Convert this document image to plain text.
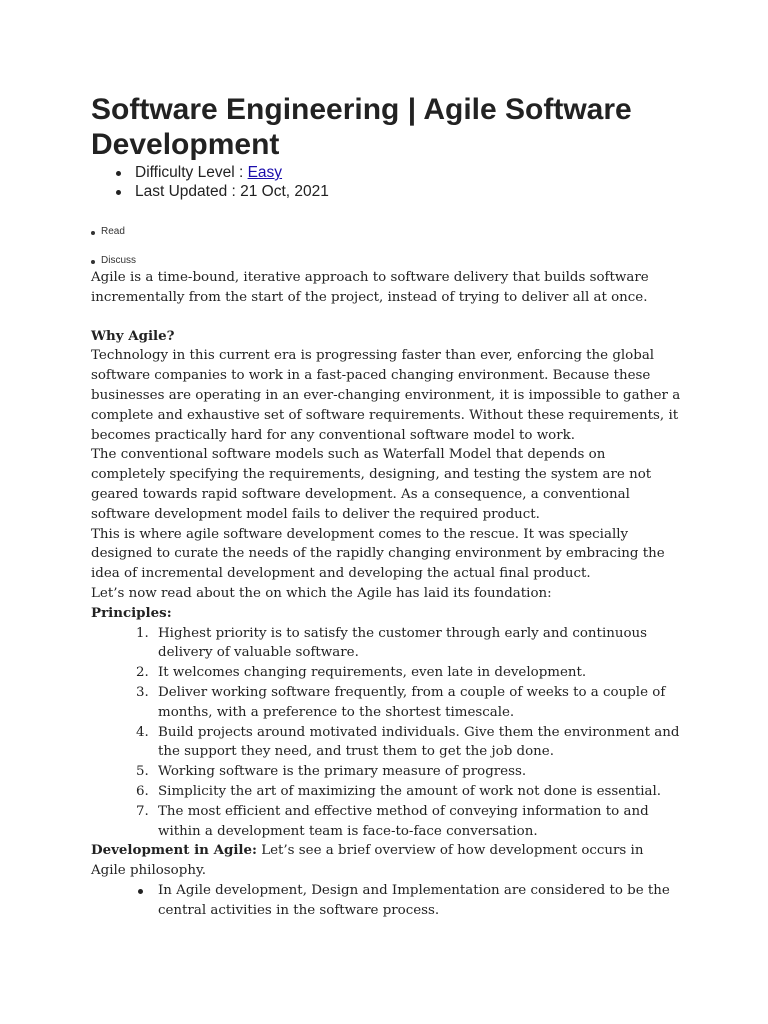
Software Engineering | Agile Software Development
Difficulty Level : Easy
Last Updated : 21 Oct, 2021
Read
Discuss

Agile is a time-bound, iterative approach to software delivery that builds software incrementally from the start of the project, instead of trying to deliver all at once.

Why Agile?

Technology in this current era is progressing faster than ever, enforcing the global software companies to work in a fast-paced changing environment. Because these businesses are operating in an ever-changing environment, it is impossible to gather a complete and exhaustive set of software requirements. Without these requirements, it becomes practically hard for any conventional software model to work.

The conventional software models such as Waterfall Model that depends on completely specifying the requirements, designing, and testing the system are not geared towards rapid software development. As a consequence, a conventional software development model fails to deliver the required product.

This is where agile software development comes to the rescue. It was specially designed to curate the needs of the rapidly changing environment by embracing the idea of incremental development and developing the actual final product.

Let’s now read about the on which the Agile has laid its foundation:

Principles:

Highest priority is to satisfy the customer through early and continuous delivery of valuable software.
It welcomes changing requirements, even late in development.
Deliver working software frequently, from a couple of weeks to a couple of months, with a preference to the shortest timescale.
Build projects around motivated individuals. Give them the environment and the support they need, and trust them to get the job done.
Working software is the primary measure of progress.
Simplicity the art of maximizing the amount of work not done is essential.
The most efficient and effective method of conveying information to and within a development team is face-to-face conversation.

Development in Agile: Let’s see a brief overview of how development occurs in Agile philosophy.

In Agile development, Design and Implementation are considered to be the central activities in the software process.
